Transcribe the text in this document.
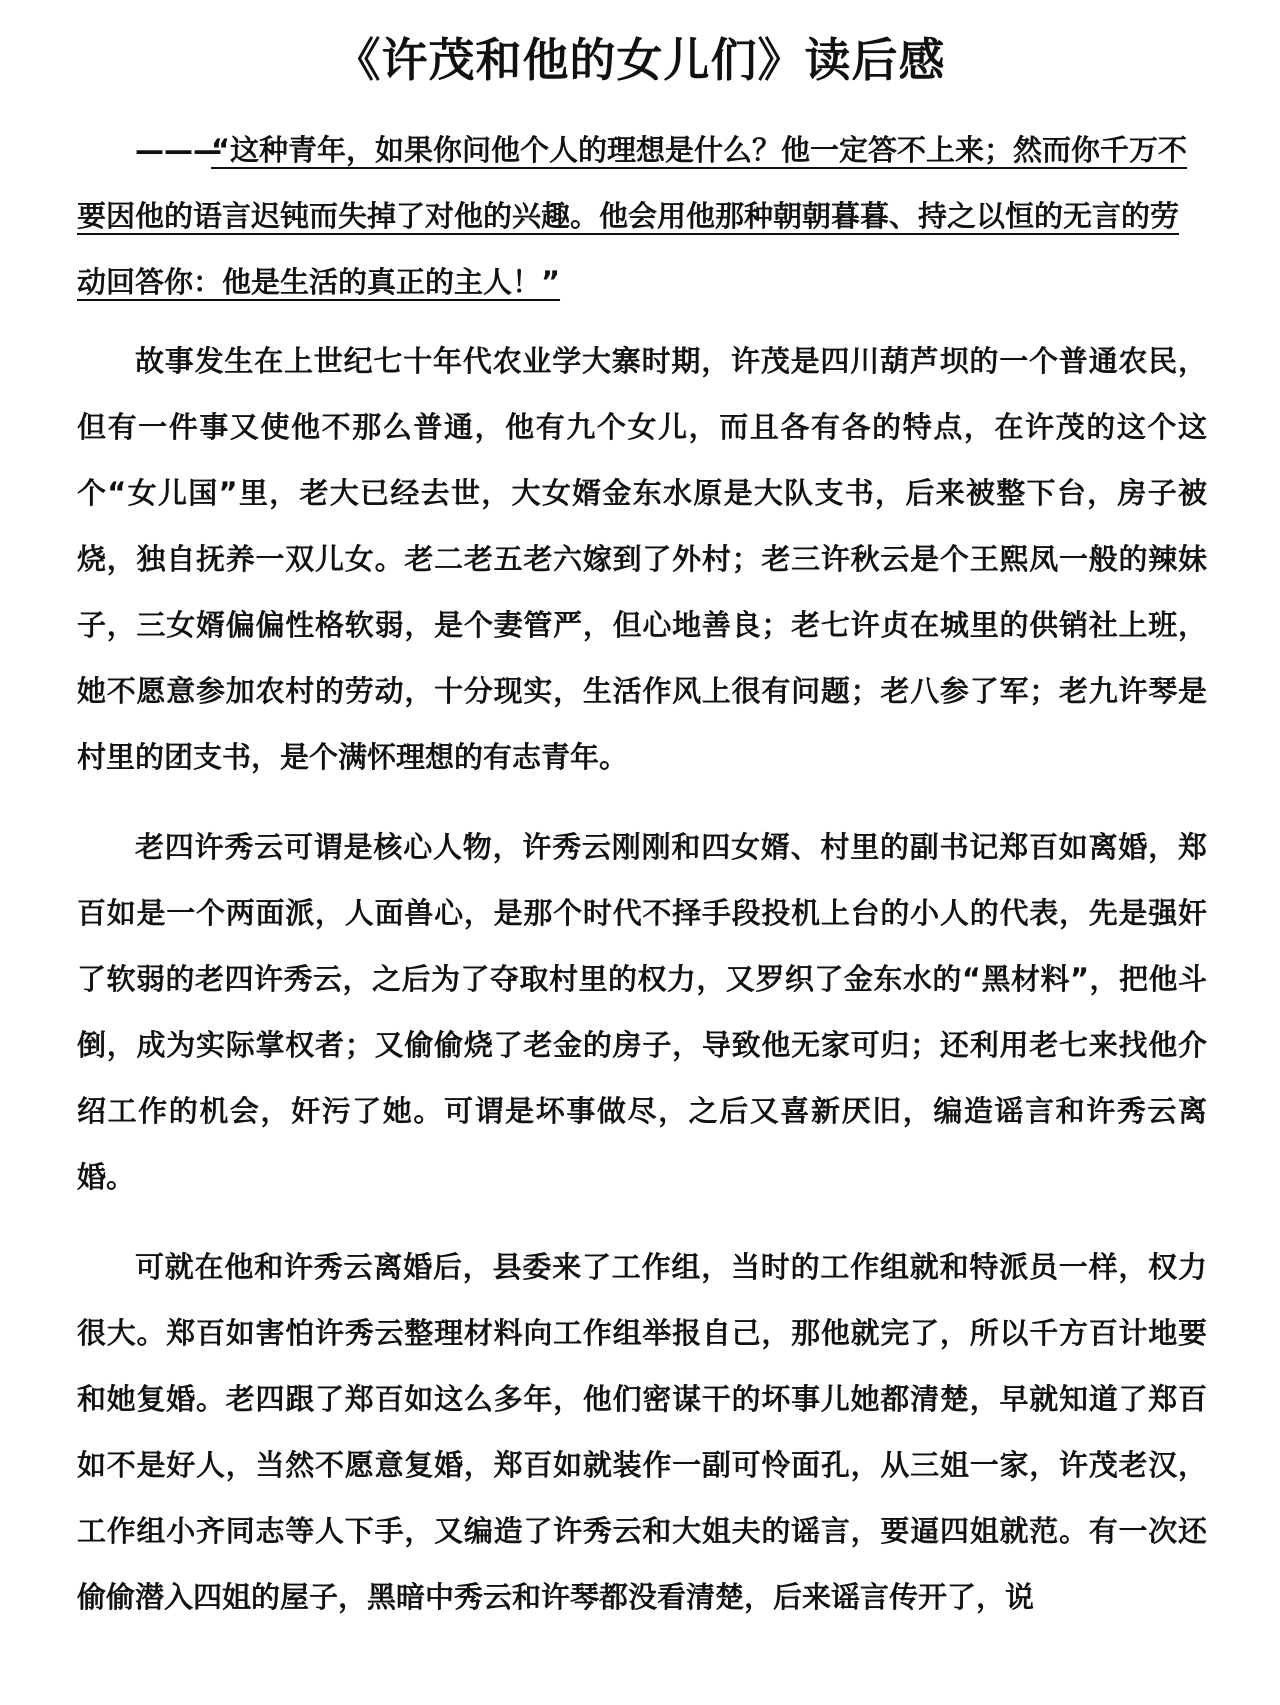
《许茂和他的女儿们》读后感
———“这种青年，如果你问他个人的理想是什么？他一定答不上来；然而你千万不要因他的语言迟钝而失掉了对他的兴趣。他会用他那种朝朝暮暮、持之以恒的无言的劳动回答你：他是生活的真正的主人！”

故事发生在上世纪七十年代农业学大寨时期，许茂是四川葫芦坝的一个普通农民，但有一件事又使他不那么普通，他有九个女儿，而且各有各的特点，在许茂的这个这个“女儿国”里，老大已经去世，大女婿金东水原是大队支书，后来被整下台，房子被烧，独自抚养一双儿女。老二老五老六嫁到了外村；老三许秋云是个王熙凤一般的辣妹子，三女婿偏偏性格软弱，是个妻管严，但心地善良；老七许贞在城里的供销社上班，她不愿意参加农村的劳动，十分现实，生活作风上很有问题；老八参了军；老九许琴是村里的团支书，是个满怀理想的有志青年。

老四许秀云可谓是核心人物，许秀云刚刚和四女婿、村里的副书记郑百如离婚，郑百如是一个两面派，人面兽心，是那个时代不择手段投机上台的小人的代表，先是强奸了软弱的老四许秀云，之后为了夺取村里的权力，又罗织了金东水的“黑材料”，把他斗倒，成为实际掌权者；又偷偷烧了老金的房子，导致他无家可归；还利用老七来找他介绍工作的机会，奸污了她。可谓是坏事做尽，之后又喜新厌旧，编造谣言和许秀云离婚。

可就在他和许秀云离婚后，县委来了工作组，当时的工作组就和特派员一样，权力很大。郑百如害怕许秀云整理材料向工作组举报自己，那他就完了，所以千方百计地要和她复婚。老四跟了郑百如这么多年，他们密谋干的坏事儿她都清楚，早就知道了郑百如不是好人，当然不愿意复婚，郑百如就装作一副可怜面孔，从三姐一家，许茂老汉，工作组小齐同志等人下手，又编造了许秀云和大姐夫的谣言，要逼四姐就范。有一次还偷偷潜入四姐的屋子，黑暗中秀云和许琴都没看清楚，后来谣言传开了，说
